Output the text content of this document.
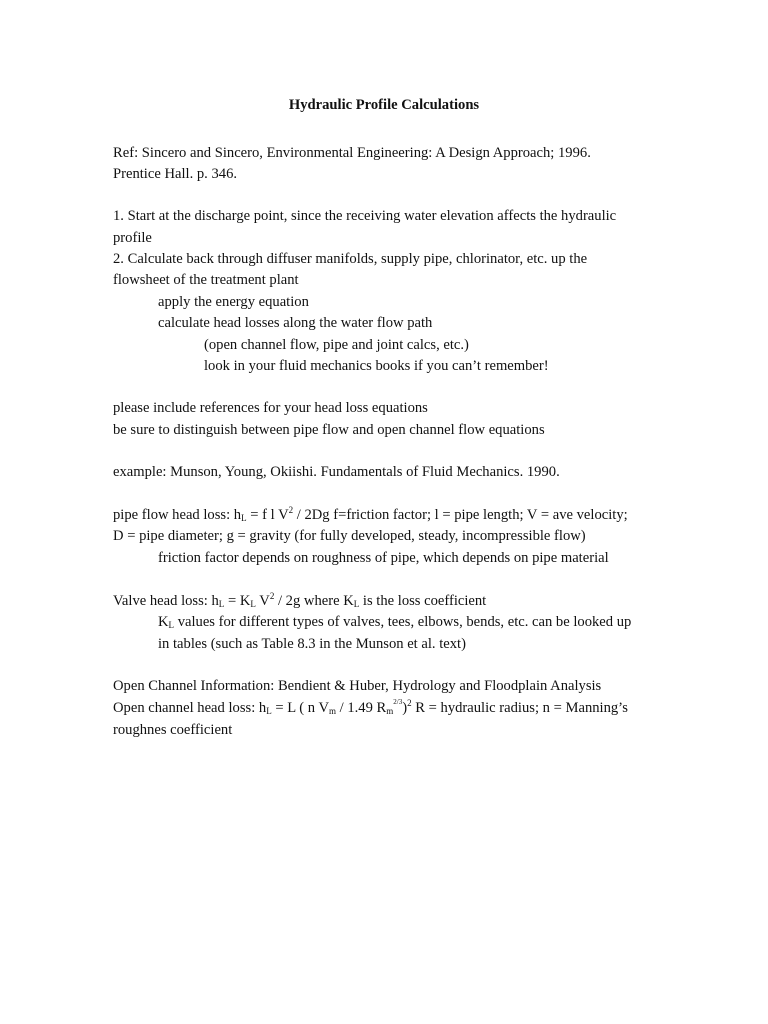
Hydraulic Profile Calculations
Ref: Sincero and Sincero, Environmental Engineering: A Design Approach; 1996.
Prentice Hall. p. 346.
1. Start at the discharge point, since the receiving water elevation affects the hydraulic
profile
2. Calculate back through diffuser manifolds, supply pipe, chlorinator, etc. up the
flowsheet of the treatment plant
apply the energy equation
calculate head losses along the water flow path
(open channel flow, pipe and joint calcs, etc.)
look in your fluid mechanics books if you can’t remember!
please include references for your head loss equations
be sure to distinguish between pipe flow and open channel flow equations
example: Munson, Young, Okiishi. Fundamentals of Fluid Mechanics. 1990.
pipe flow head loss: $h_L = f$ l $V^2 / 2Dg$ f=friction factor; l = pipe length; V = ave velocity;
D = pipe diameter; g = gravity (for fully developed, steady, incompressible flow)
friction factor depends on roughness of pipe, which depends on pipe material
Valve head loss: $h_L = K_L$ $V^2 / 2g$ where $K_L$ is the loss coefficient
$K_L$ values for different types of valves, tees, elbows, bends, etc. can be looked up
in tables (such as Table 8.3 in the Munson et al. text)
Open Channel Information: Bendient & Huber, Hydrology and Floodplain Analysis
Open channel head loss: $h_L = L$ ( n $V_m / 1.49$ $R_m^{2/3})^2$ R = hydraulic radius; n = Manning’s
roughnes coefficient
